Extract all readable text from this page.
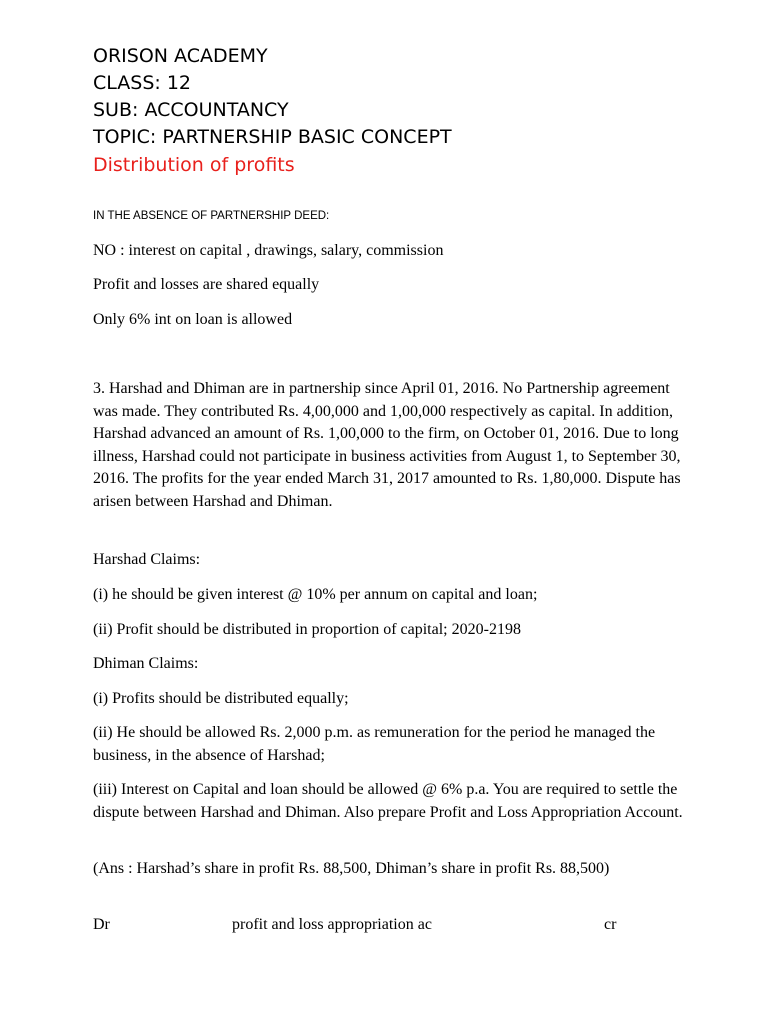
ORISON ACADEMY
CLASS: 12
SUB: ACCOUNTANCY
TOPIC: PARTNERSHIP BASIC CONCEPT
Distribution of profits
IN THE ABSENCE OF PARTNERSHIP DEED:
NO : interest on capital , drawings, salary, commission
Profit and losses are shared equally
Only 6% int on loan is allowed
3. Harshad and Dhiman are in partnership since April 01, 2016. No Partnership agreement was made. They contributed Rs. 4,00,000 and 1,00,000 respectively as capital. In addition, Harshad advanced an amount of Rs. 1,00,000 to the firm, on October 01, 2016. Due to long illness, Harshad could not participate in business activities from August 1, to September 30, 2016. The profits for the year ended March 31, 2017 amounted to Rs. 1,80,000. Dispute has arisen between Harshad and Dhiman.
Harshad Claims:
(i) he should be given interest @ 10% per annum on capital and loan;
(ii) Profit should be distributed in proportion of capital; 2020-2198
Dhiman Claims:
(i) Profits should be distributed equally;
(ii) He should be allowed Rs. 2,000 p.m. as remuneration for the period he managed the business, in the absence of Harshad;
(iii) Interest on Capital and loan should be allowed @ 6% p.a. You are required to settle the dispute between Harshad and Dhiman. Also prepare Profit and Loss Appropriation Account.
(Ans : Harshad’s share in profit Rs. 88,500, Dhiman’s share in profit Rs. 88,500)
Dr	profit and loss appropriation ac	cr
